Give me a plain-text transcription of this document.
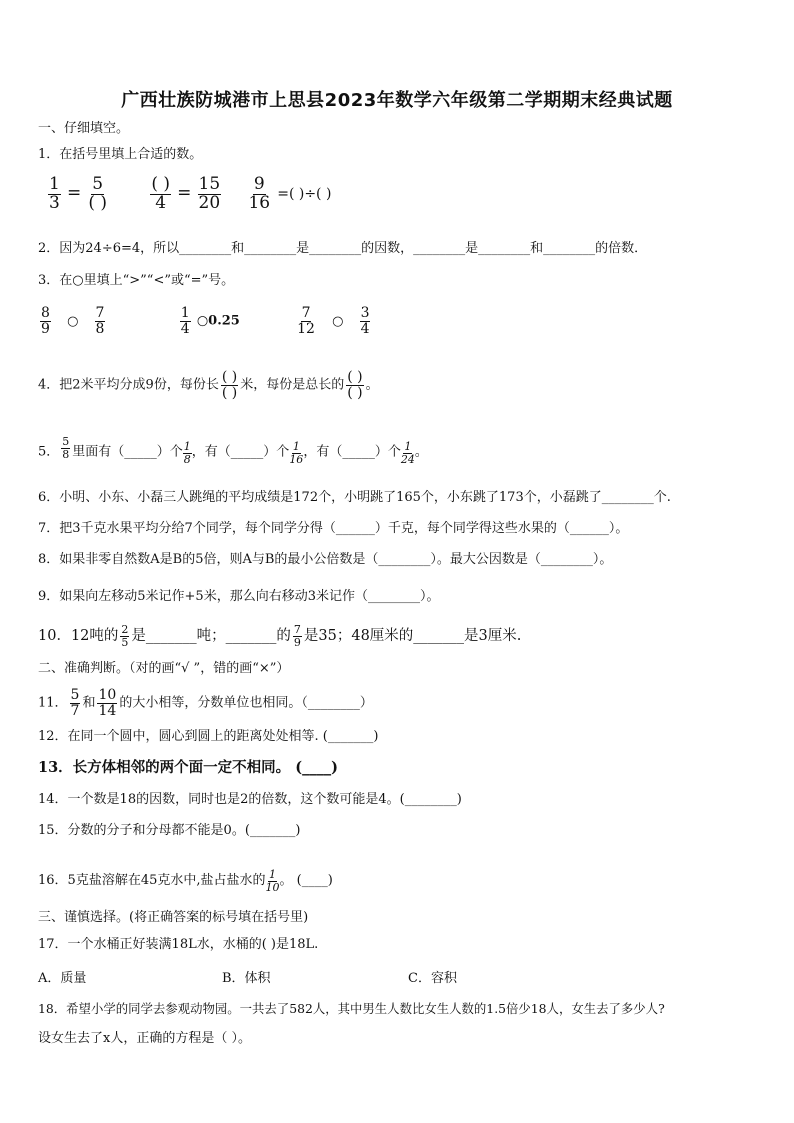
广西壮族防城港市上思县2023年数学六年级第二学期期末经典试题
一、仔细填空。
1．在括号里填上合适的数。
$\frac{1}{3} = \frac{5}{( )}$
$\frac{( )}{4} = \frac{15}{20}$
$\frac{9}{16}$ =( )÷( )
2．因为24÷6=4，所以________和________是________的因数，________是________和________的倍数．
3．在○里填上“>”“<”或“=”号。
$\frac{8}{9}$ ○ $\frac{7}{8}$
	$\frac{1}{4}$ ○0.25	$\frac{7}{12}$ ○ $\frac{3}{4}$
4．把2米平均分成9份，每份长 $\frac{( )}{( )}$ 米，每份是总长的 $\frac{( )}{( )}$ 。
5． $\frac{5}{8}$ 里面有（_____）个 $\frac{1}{8}$ ，有（_____）个 $\frac{1}{16}$ ，有（_____）个 $\frac{1}{24}$ 。
6．小明、小东、小磊三人跳绳的平均成绩是172个，小明跳了165个，小东跳了173个，小磊跳了________个.
7．把3千克水果平均分给7个同学，每个同学分得（______）千克，每个同学得这些水果的（______）。
8．如果非零自然数A是B的5倍，则A与B的最小公倍数是（________）。最大公因数是（________）。
9．如果向左移动5米记作+5米，那么向右移动3米记作（________）。
10．12吨的 $\frac{2}{5}$ 是_______吨；_______的 $\frac{7}{9}$ 是35；48厘米的_______是3厘米.
二、准确判断。（对的画“√ ”，错的画“×”）
11． $\frac{5}{7}$ 和 $\frac{10}{14}$ 的大小相等，分数单位也相同。（________）
12．在同一个圆中，圆心到圆上的距离处处相等. (_______)
13．长方体相邻的两个面一定不相同。 (____)
14．一个数是18的因数，同时也是2的倍数，这个数可能是4。(________)
15．分数的分子和分母都不能是0。(_______)
16．5克盐溶解在45克水中,盐占盐水的 $\frac{1}{10}$ 。 (____)
三、谨慎选择。(将正确答案的标号填在括号里)
17．一个水桶正好装满18L水，水桶的( )是18L.
A．质量	B．体积	C．容积
18．希望小学的同学去参观动物园。一共去了582人，其中男生人数比女生人数的1.5倍少18人，女生去了多少人?
设女生去了x人，正确的方程是（ ）。
